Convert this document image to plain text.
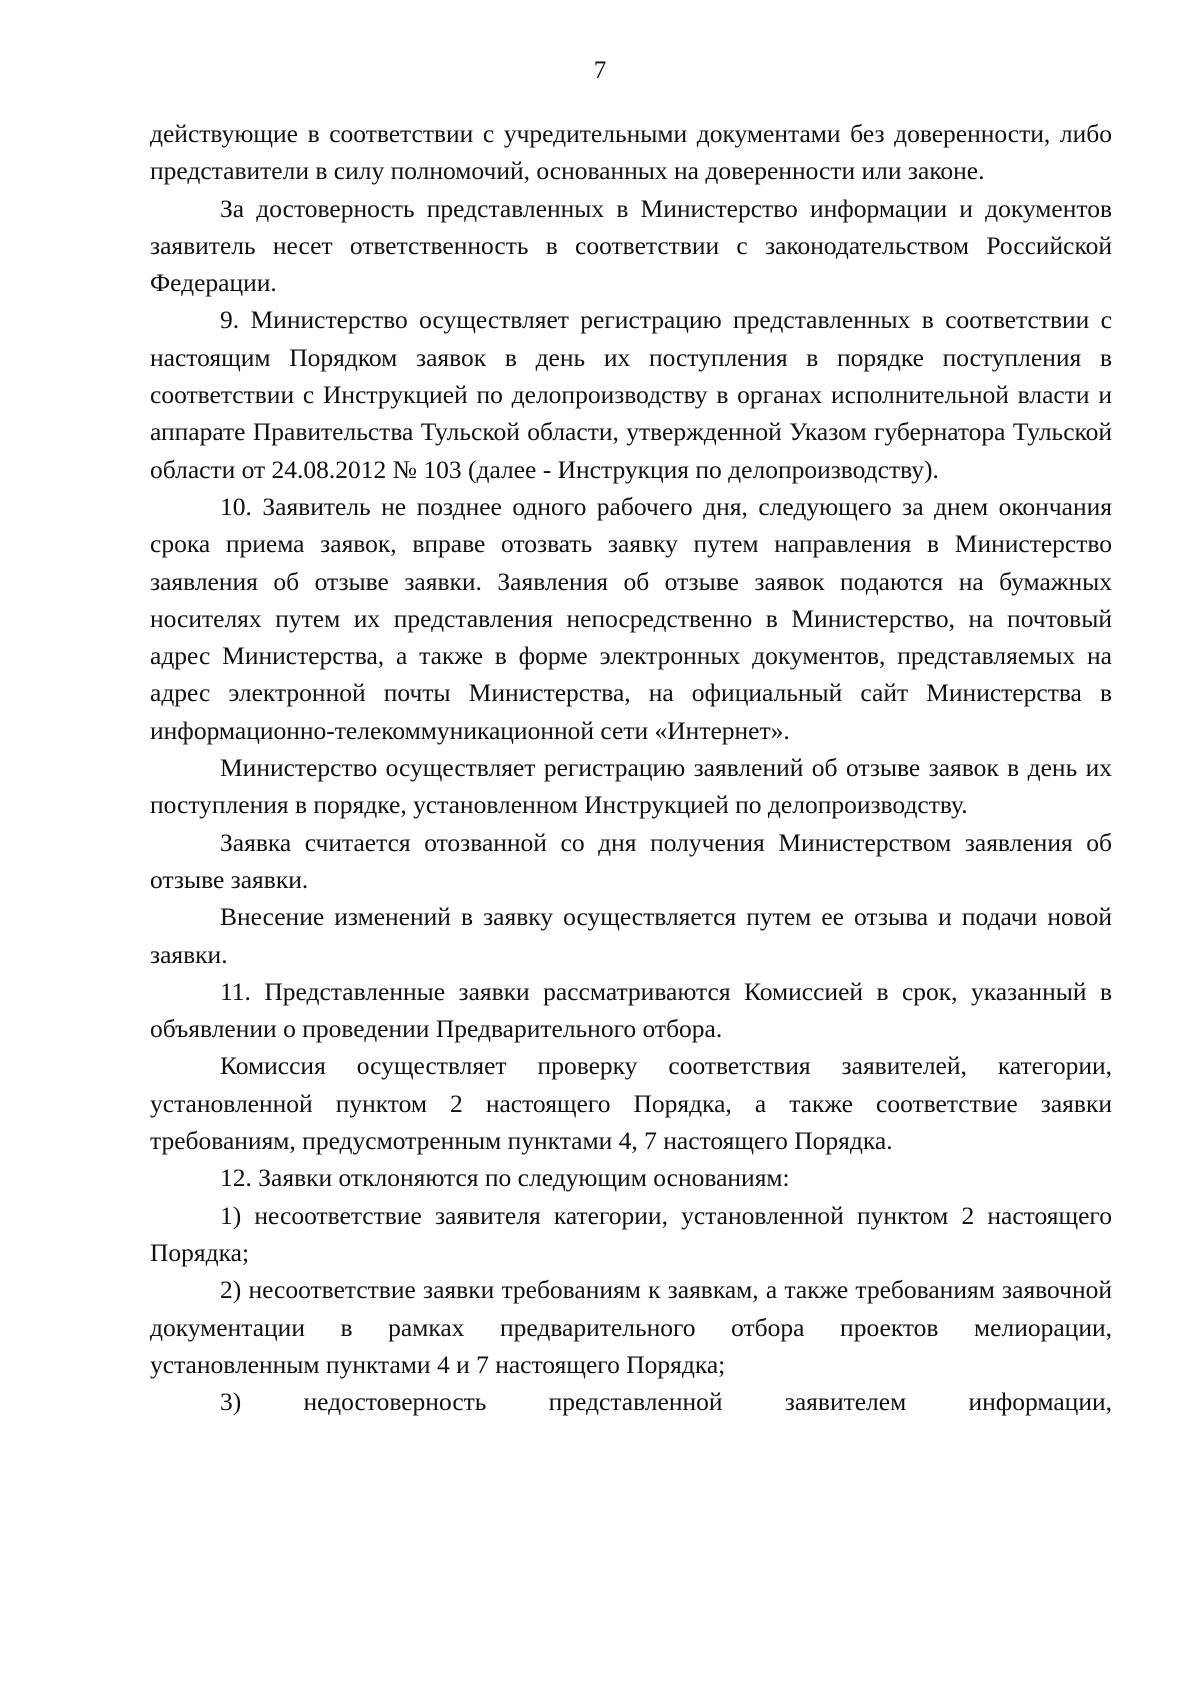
7

действующие в соответствии с учредительными документами без доверенности, либо представители в силу полномочий, основанных на доверенности или законе.

За достоверность представленных в Министерство информации и документов заявитель несет ответственность в соответствии с законодательством Российской Федерации.

9. Министерство осуществляет регистрацию представленных в соответствии с настоящим Порядком заявок в день их поступления в порядке поступления в соответствии с Инструкцией по делопроизводству в органах исполнительной власти и аппарате Правительства Тульской области, утвержденной Указом губернатора Тульской области от 24.08.2012 № 103 (далее - Инструкция по делопроизводству).

10. Заявитель не позднее одного рабочего дня, следующего за днем окончания срока приема заявок, вправе отозвать заявку путем направления в Министерство заявления об отзыве заявки. Заявления об отзыве заявок подаются на бумажных носителях путем их представления непосредственно в Министерство, на почтовый адрес Министерства, а также в форме электронных документов, представляемых на адрес электронной почты Министерства, на официальный сайт Министерства в информационно-телекоммуникационной сети «Интернет».

Министерство осуществляет регистрацию заявлений об отзыве заявок в день их поступления в порядке, установленном Инструкцией по делопроизводству.

Заявка считается отозванной со дня получения Министерством заявления об отзыве заявки.

Внесение изменений в заявку осуществляется путем ее отзыва и подачи новой заявки.

11. Представленные заявки рассматриваются Комиссией в срок, указанный в объявлении о проведении Предварительного отбора.

Комиссия осуществляет проверку соответствия заявителей, категории, установленной пунктом 2 настоящего Порядка, а также соответствие заявки требованиям, предусмотренным пунктами 4, 7 настоящего Порядка.

12. Заявки отклоняются по следующим основаниям:

1) несоответствие заявителя категории, установленной пунктом 2 настоящего Порядка;

2) несоответствие заявки требованиям к заявкам, а также требованиям заявочной документации в рамках предварительного отбора проектов мелиорации, установленным пунктами 4 и 7 настоящего Порядка;

3) недостоверность представленной заявителем информации,
